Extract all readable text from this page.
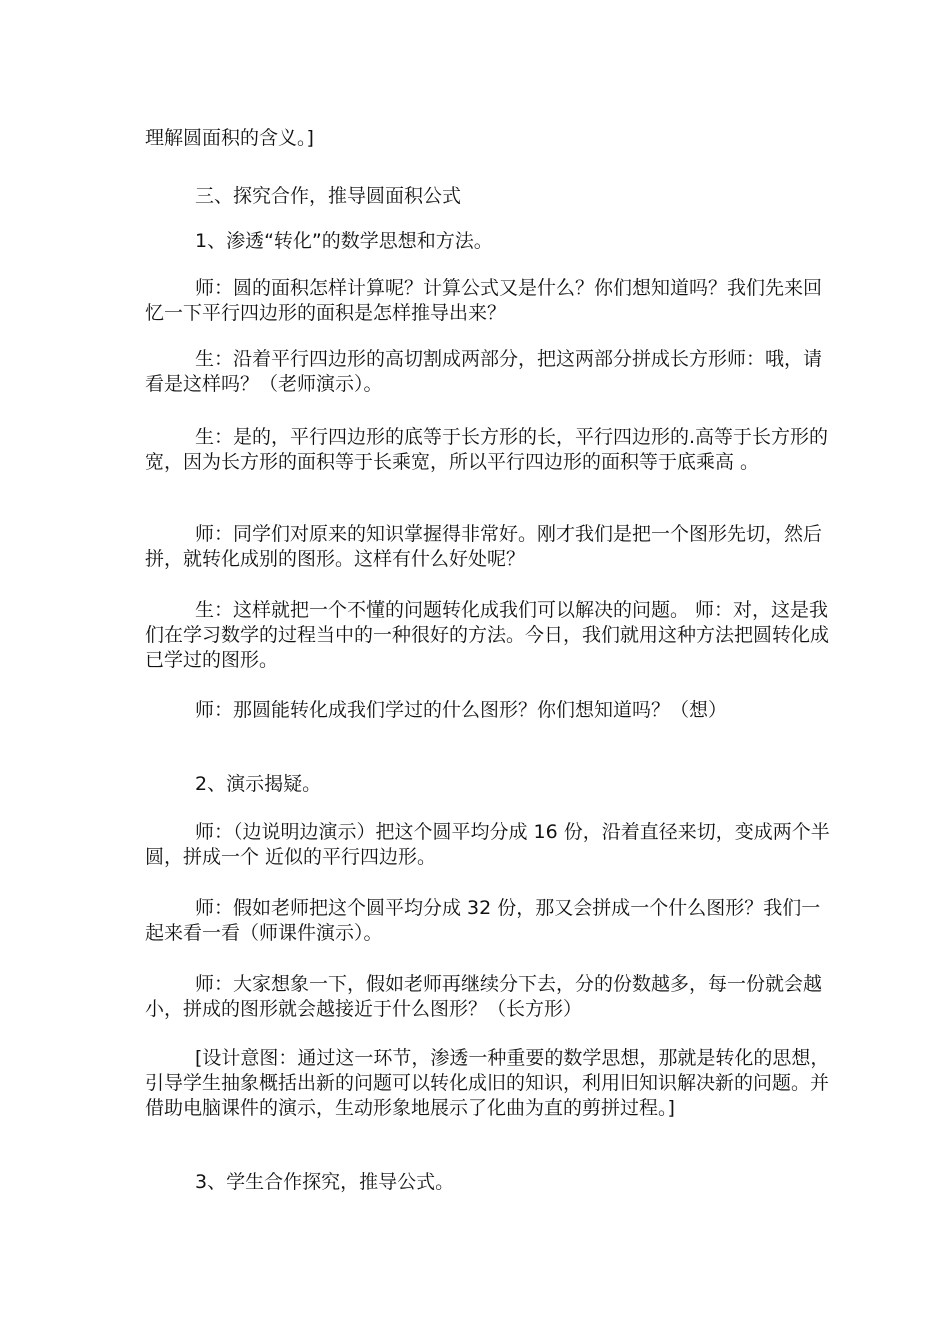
理解圆面积的含义。]

三、探究合作，推导圆面积公式

1、渗透“转化”的数学思想和方法。

师：圆的面积怎样计算呢？计算公式又是什么？你们想知道吗？我们先来回忆一下平行四边形的面积是怎样推导出来？

生：沿着平行四边形的高切割成两部分，把这两部分拼成长方形师：哦，请看是这样吗？（老师演示）。

生：是的，平行四边形的底等于长方形的长，平行四边形的.高等于长方形的宽，因为长方形的面积等于长乘宽，所以平行四边形的面积等于底乘高 。

师：同学们对原来的知识掌握得非常好。刚才我们是把一个图形先切，然后拼，就转化成别的图形。这样有什么好处呢？

生：这样就把一个不懂的问题转化成我们可以解决的问题。 师：对，这是我们在学习数学的过程当中的一种很好的方法。今日，我们就用这种方法把圆转化成已学过的图形。

师：那圆能转化成我们学过的什么图形？你们想知道吗？（想）

2、演示揭疑。

师：（边说明边演示）把这个圆平均分成 16 份，沿着直径来切，变成两个半圆，拼成一个 近似的平行四边形。

师：假如老师把这个圆平均分成 32 份，那又会拼成一个什么图形？我们一起来看一看（师课件演示）。

师：大家想象一下，假如老师再继续分下去，分的份数越多，每一份就会越小，拼成的图形就会越接近于什么图形？（长方形）

[设计意图：通过这一环节，渗透一种重要的数学思想，那就是转化的思想，引导学生抽象概括出新的问题可以转化成旧的知识，利用旧知识解决新的问题。并借助电脑课件的演示，生动形象地展示了化曲为直的剪拼过程。]

3、学生合作探究，推导公式。
